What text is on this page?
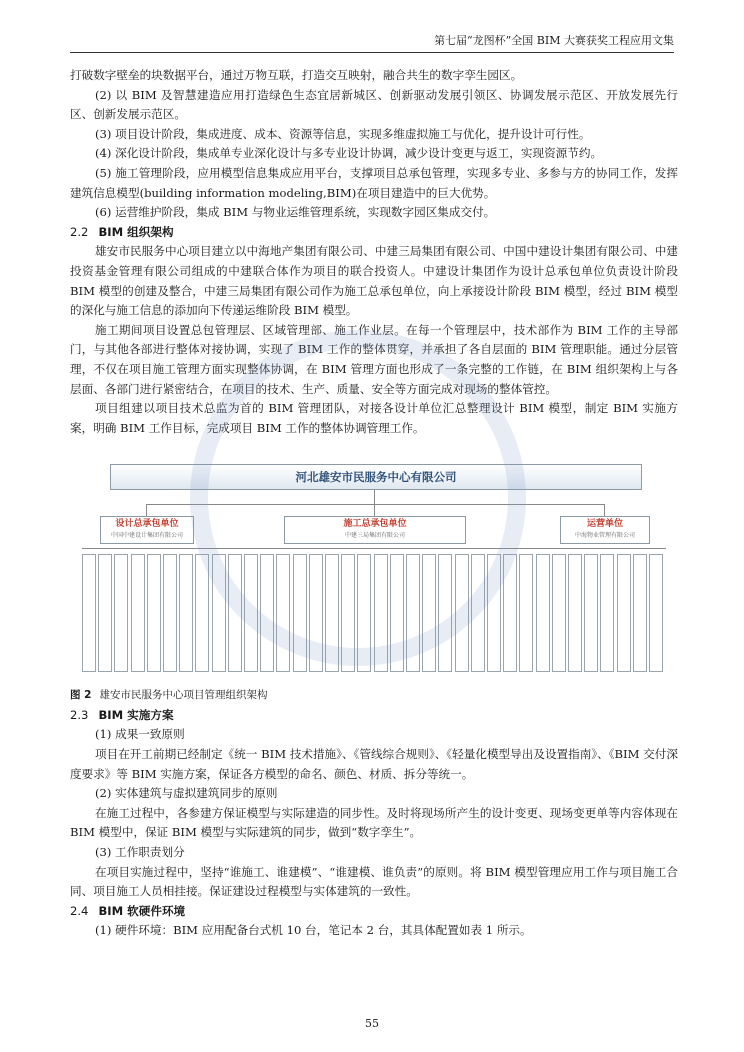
第七届“龙图杯”全国 BIM 大赛获奖工程应用文集

打破数字壁垒的块数据平台，通过万物互联，打造交互映射，融合共生的数字孪生园区。

(2) 以 BIM 及智慧建造应用打造绿色生态宜居新城区、创新驱动发展引领区、协调发展示范区、开放发展先行区、创新发展示范区。

(3) 项目设计阶段，集成进度、成本、资源等信息，实现多维虚拟施工与优化，提升设计可行性。

(4) 深化设计阶段，集成单专业深化设计与多专业设计协调，减少设计变更与返工，实现资源节约。

(5) 施工管理阶段，应用模型信息集成应用平台，支撑项目总承包管理，实现多专业、多参与方的协同工作，发挥建筑信息模型(building information modeling,BIM)在项目建造中的巨大优势。

(6) 运营维护阶段，集成 BIM 与物业运维管理系统，实现数字园区集成交付。

2.2 BIM 组织架构

雄安市民服务中心项目建立以中海地产集团有限公司、中建三局集团有限公司、中国中建设计集团有限公司、中建投资基金管理有限公司组成的中建联合体作为项目的联合投资人。中建设计集团作为设计总承包单位负责设计阶段 BIM 模型的创建及整合，中建三局集团有限公司作为施工总承包单位，向上承接设计阶段 BIM 模型，经过 BIM 模型的深化与施工信息的添加向下传递运维阶段 BIM 模型。

施工期间项目设置总包管理层、区域管理部、施工作业层。在每一个管理层中，技术部作为 BIM 工作的主导部门，与其他各部进行整体对接协调，实现了 BIM 工作的整体贯穿，并承担了各自层面的 BIM 管理职能。通过分层管理，不仅在项目施工管理方面实现整体协调，在 BIM 管理方面也形成了一条完整的工作链，在 BIM 组织架构上与各层面、各部门进行紧密结合，在项目的技术、生产、质量、安全等方面完成对现场的整体管控。

项目组建以项目技术总监为首的 BIM 管理团队，对接各设计单位汇总整理设计 BIM 模型，制定 BIM 实施方案，明确 BIM 工作目标，完成项目 BIM 工作的整体协调管理工作。

河北雄安市民服务中心有限公司
设计总承包单位
中国中建设计集团有限公司
施工总承包单位
中建三局集团有限公司
运营单位
中海物业管理有限公司

图 2 雄安市民服务中心项目管理组织架构

2.3 BIM 实施方案

(1) 成果一致原则

项目在开工前期已经制定《统一 BIM 技术措施》、《管线综合规则》、《轻量化模型导出及设置指南》、《BIM 交付深度要求》等 BIM 实施方案，保证各方模型的命名、颜色、材质、拆分等统一。

(2) 实体建筑与虚拟建筑同步的原则

在施工过程中，各参建方保证模型与实际建造的同步性。及时将现场所产生的设计变更、现场变更单等内容体现在 BIM 模型中，保证 BIM 模型与实际建筑的同步，做到“数字孪生”。

(3) 工作职责划分

在项目实施过程中，坚持“谁施工、谁建模”、“谁建模、谁负责”的原则。将 BIM 模型管理应用工作与项目施工合同、项目施工人员相挂接。保证建设过程模型与实体建筑的一致性。

2.4 BIM 软硬件环境

(1) 硬件环境：BIM 应用配备台式机 10 台，笔记本 2 台，其具体配置如表 1 所示。

55
